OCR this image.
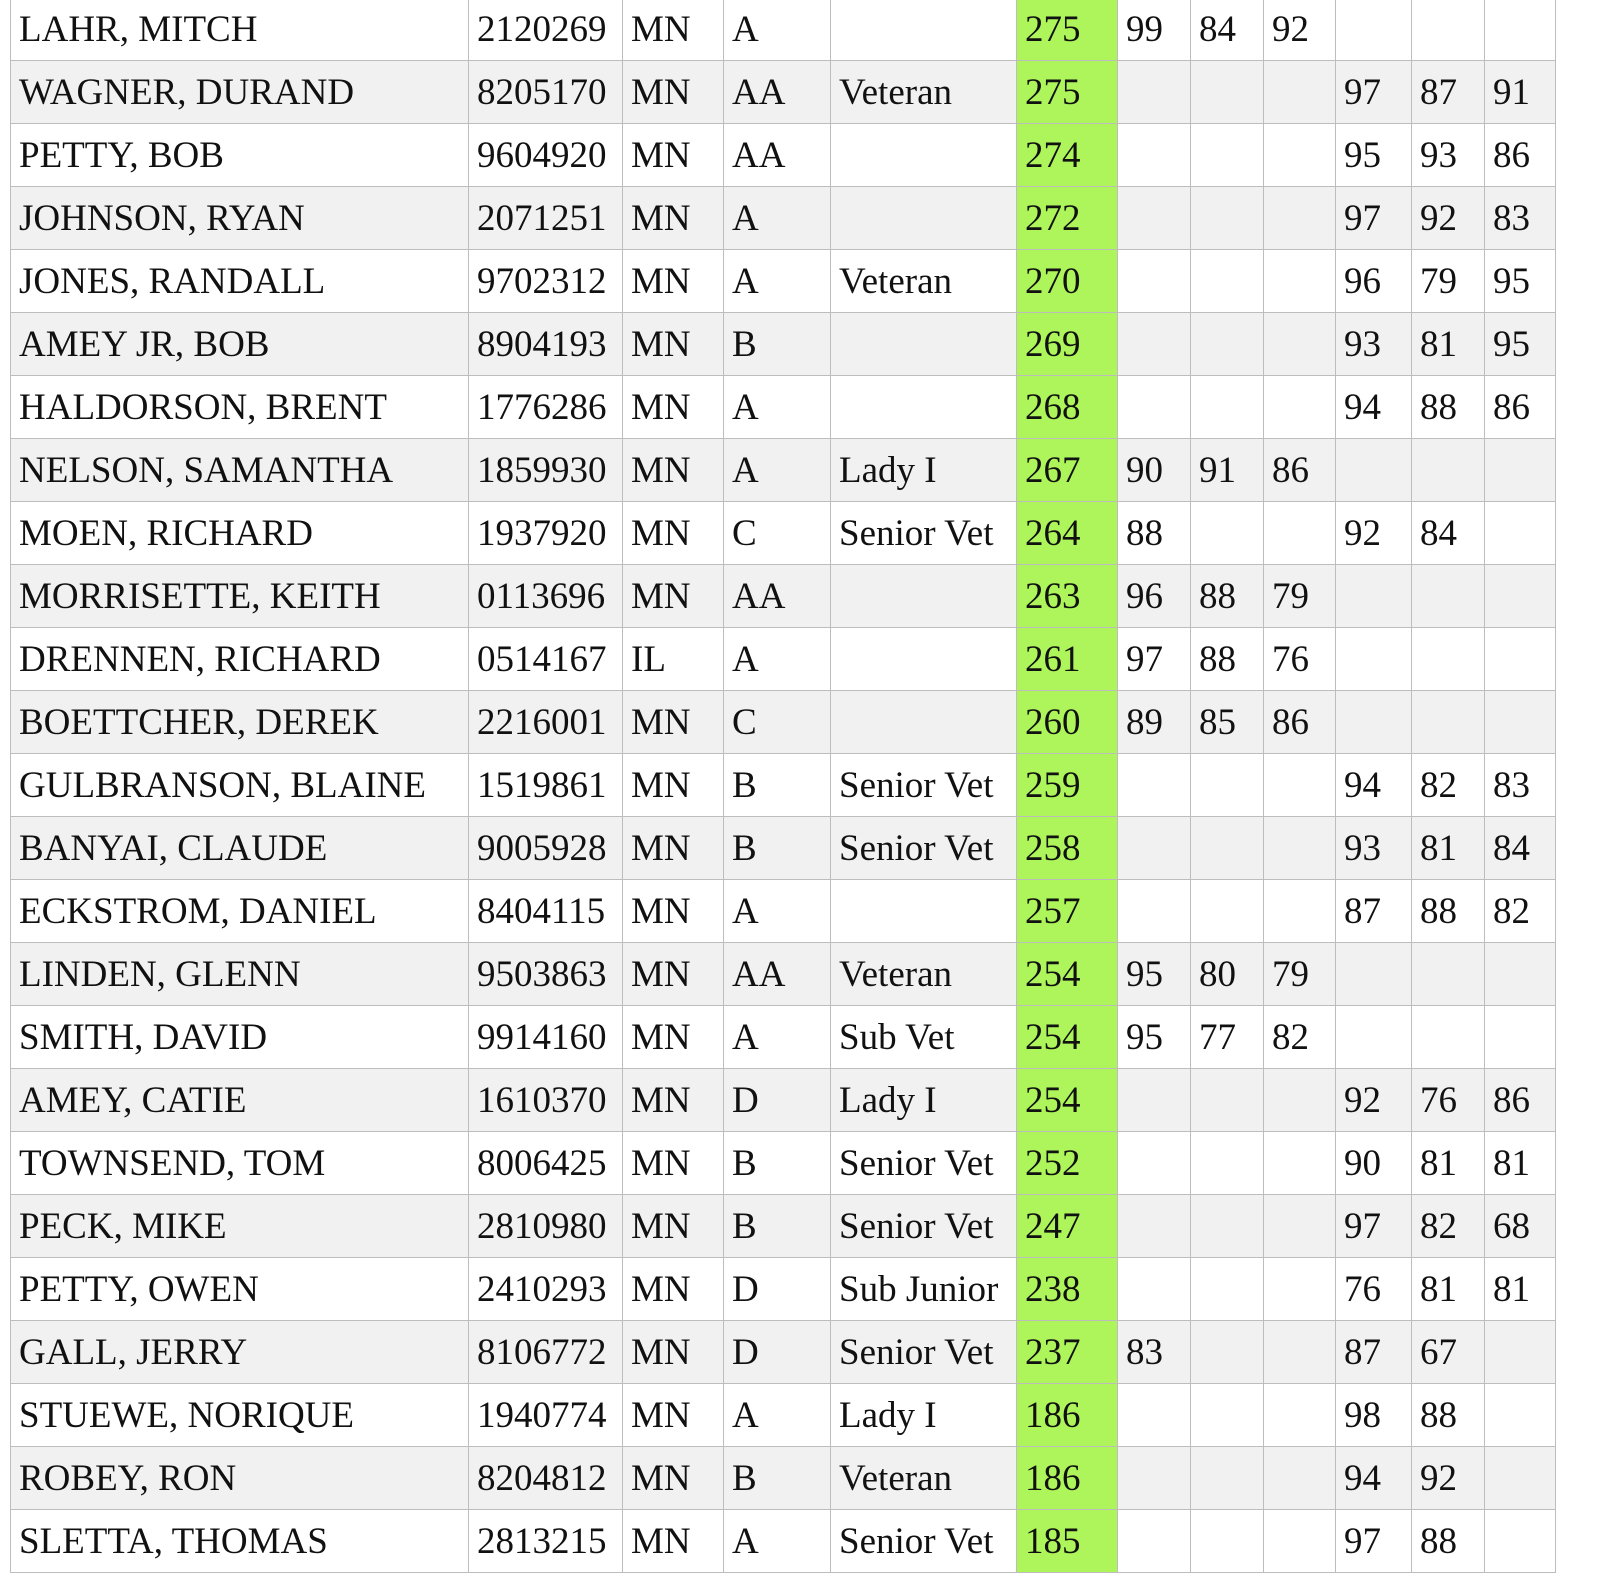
LAHR, MITCH	2120269	MN	A		275	99	84	92			
WAGNER, DURAND	8205170	MN	AA	Veteran	275				97	87	91
PETTY, BOB	9604920	MN	AA		274				95	93	86
JOHNSON, RYAN	2071251	MN	A		272				97	92	83
JONES, RANDALL	9702312	MN	A	Veteran	270				96	79	95
AMEY JR, BOB	8904193	MN	B		269				93	81	95
HALDORSON, BRENT	1776286	MN	A		268				94	88	86
NELSON, SAMANTHA	1859930	MN	A	Lady I	267	90	91	86			
MOEN, RICHARD	1937920	MN	C	Senior Vet	264	88			92	84	
MORRISETTE, KEITH	0113696	MN	AA		263	96	88	79			
DRENNEN, RICHARD	0514167	IL	A		261	97	88	76			
BOETTCHER, DEREK	2216001	MN	C		260	89	85	86			
GULBRANSON, BLAINE	1519861	MN	B	Senior Vet	259				94	82	83
BANYAI, CLAUDE	9005928	MN	B	Senior Vet	258				93	81	84
ECKSTROM, DANIEL	8404115	MN	A		257				87	88	82
LINDEN, GLENN	9503863	MN	AA	Veteran	254	95	80	79			
SMITH, DAVID	9914160	MN	A	Sub Vet	254	95	77	82			
AMEY, CATIE	1610370	MN	D	Lady I	254				92	76	86
TOWNSEND, TOM	8006425	MN	B	Senior Vet	252				90	81	81
PECK, MIKE	2810980	MN	B	Senior Vet	247				97	82	68
PETTY, OWEN	2410293	MN	D	Sub Junior	238				76	81	81
GALL, JERRY	8106772	MN	D	Senior Vet	237	83			87	67	
STUEWE, NORIQUE	1940774	MN	A	Lady I	186				98	88	
ROBEY, RON	8204812	MN	B	Veteran	186				94	92	
SLETTA, THOMAS	2813215	MN	A	Senior Vet	185				97	88	
